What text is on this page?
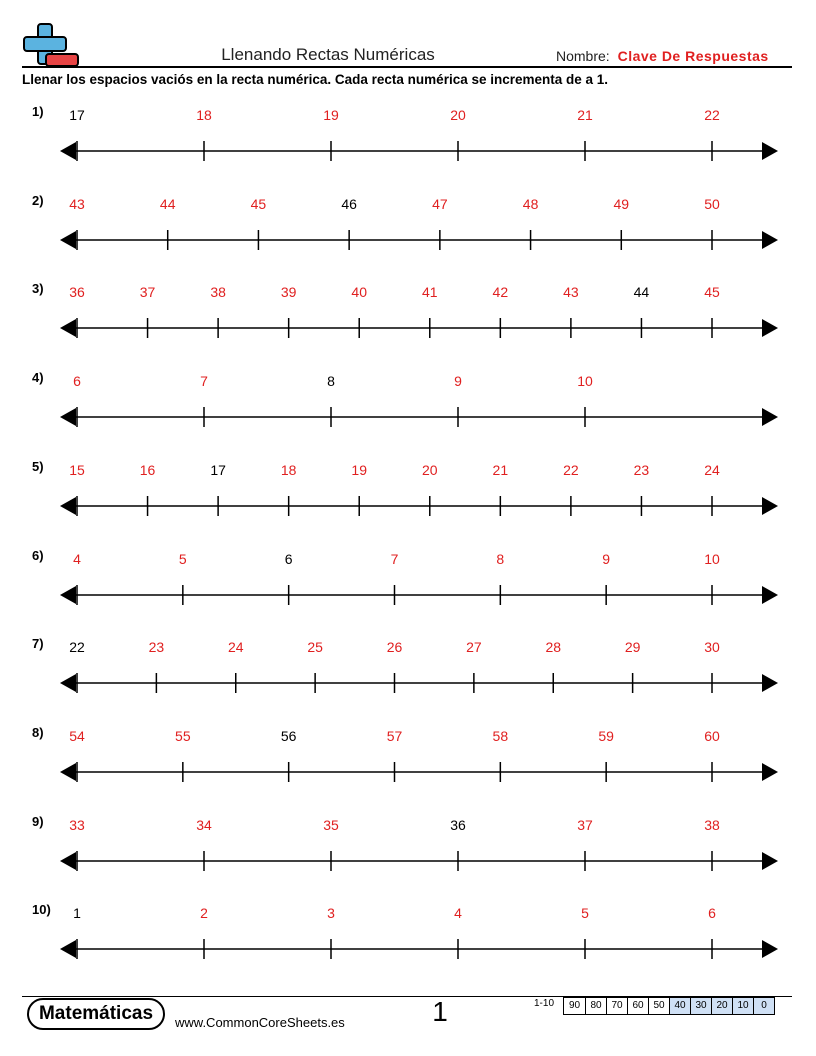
Llenando Rectas Numéricas	Nombre: Clave De Respuestas
Llenar los espacios vaciós en la recta numérica. Cada recta numérica se incrementa de a 1.
1) 17	18	19	20	21	22
2) 43	44	45	46	47	48	49	50
3) 36	37	38	39	40	41	42	43	44	45
4) 6	7	8	9	10
5) 15	16	17	18	19	20	21	22	23	24
6) 4	5	6	7	8	9	10
7) 22	23	24	25	26	27	28	29	30
8) 54	55	56	57	58	59	60
9) 33	34	35	36	37	38
10) 1	2	3	4	5	6
Matemáticas	www.CommonCoreSheets.es	1	1-10	90	80 70 60 50 40 30 20 10	0
